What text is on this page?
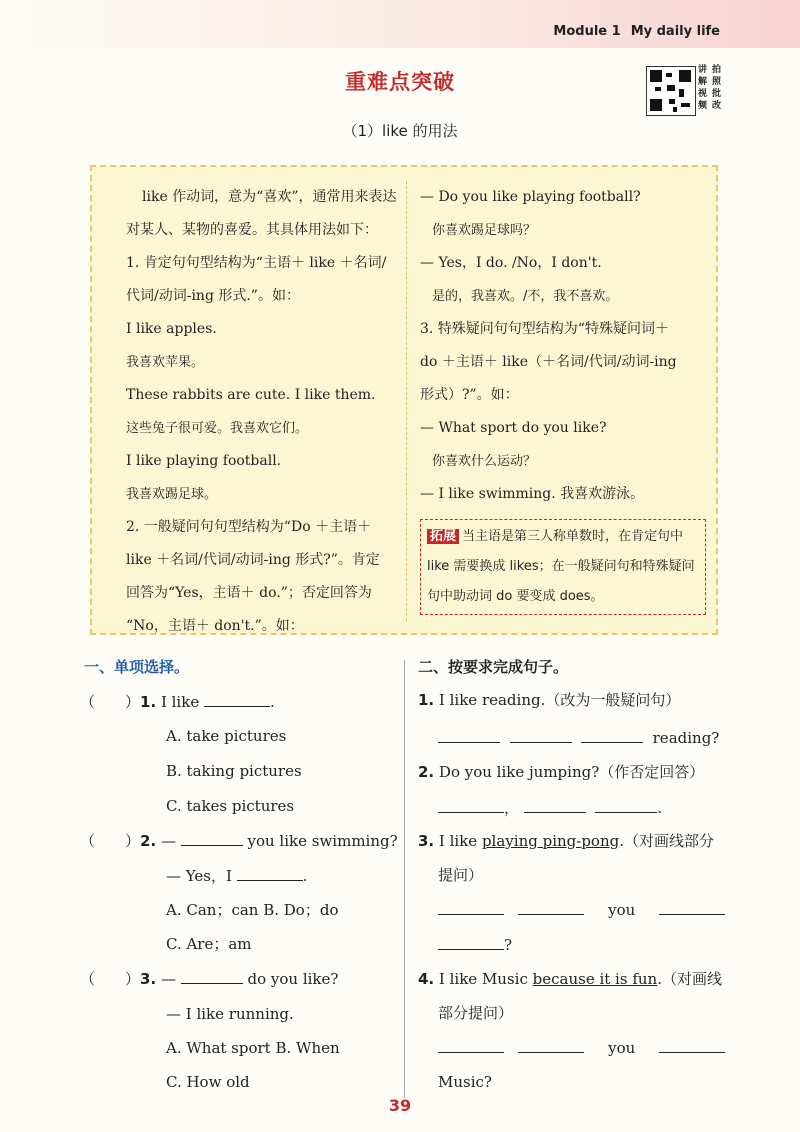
Module 1 My daily life
重难点突破	讲 拍
解 照
视 批
频 改
（1）like 的用法

like 作动词，意为“喜欢”，通常用来表达

对某人、某物的喜爱。其具体用法如下：

1. 肯定句句型结构为“主语＋ like ＋名词/

代词/动词-ing 形式.”。如：

I like apples.

我喜欢苹果。

These rabbits are cute. I like them.

这些兔子很可爱。我喜欢它们。

I like playing football.

我喜欢踢足球。

2. 一般疑问句句型结构为“Do ＋主语＋

like ＋名词/代词/动词-ing 形式?”。肯定

回答为“Yes，主语＋ do.”；否定回答为

“No，主语＋ don't.”。如：

— Do you like playing football?

你喜欢踢足球吗？

— Yes，I do. /No，I don't.

是的，我喜欢。/不，我不喜欢。

3. 特殊疑问句句型结构为“特殊疑问词＋

do ＋主语＋ like（＋名词/代词/动词-ing

形式）?”。如：

— What sport do you like?

你喜欢什么运动？

— I like swimming. 我喜欢游泳。

拓展 当主语是第三人称单数时，在肯定句中 like 需要换成 likes；在一般疑问句和特殊疑问句中助动词 do 要变成 does。
一、单项选择。	二、按要求完成句子。
（　　）1. I like	.
A. take pictures
B. taking pictures
C. takes pictures
（　　）2. —	you like swimming?
— Yes，I	.
A. Can；can B. Do；do
C. Are；am
（　　）3. —	do you like?
— I like running.
A. What sport B. When
C. How old
1. I like reading.（改为一般疑问句）
reading?
2. Do you like jumping?（作否定回答）
，	.
3. I like playing ping-pong.（对画线部分
提问）
you
?
4. I like Music because it is fun.（对画线
部分提问）
you
Music?
39
